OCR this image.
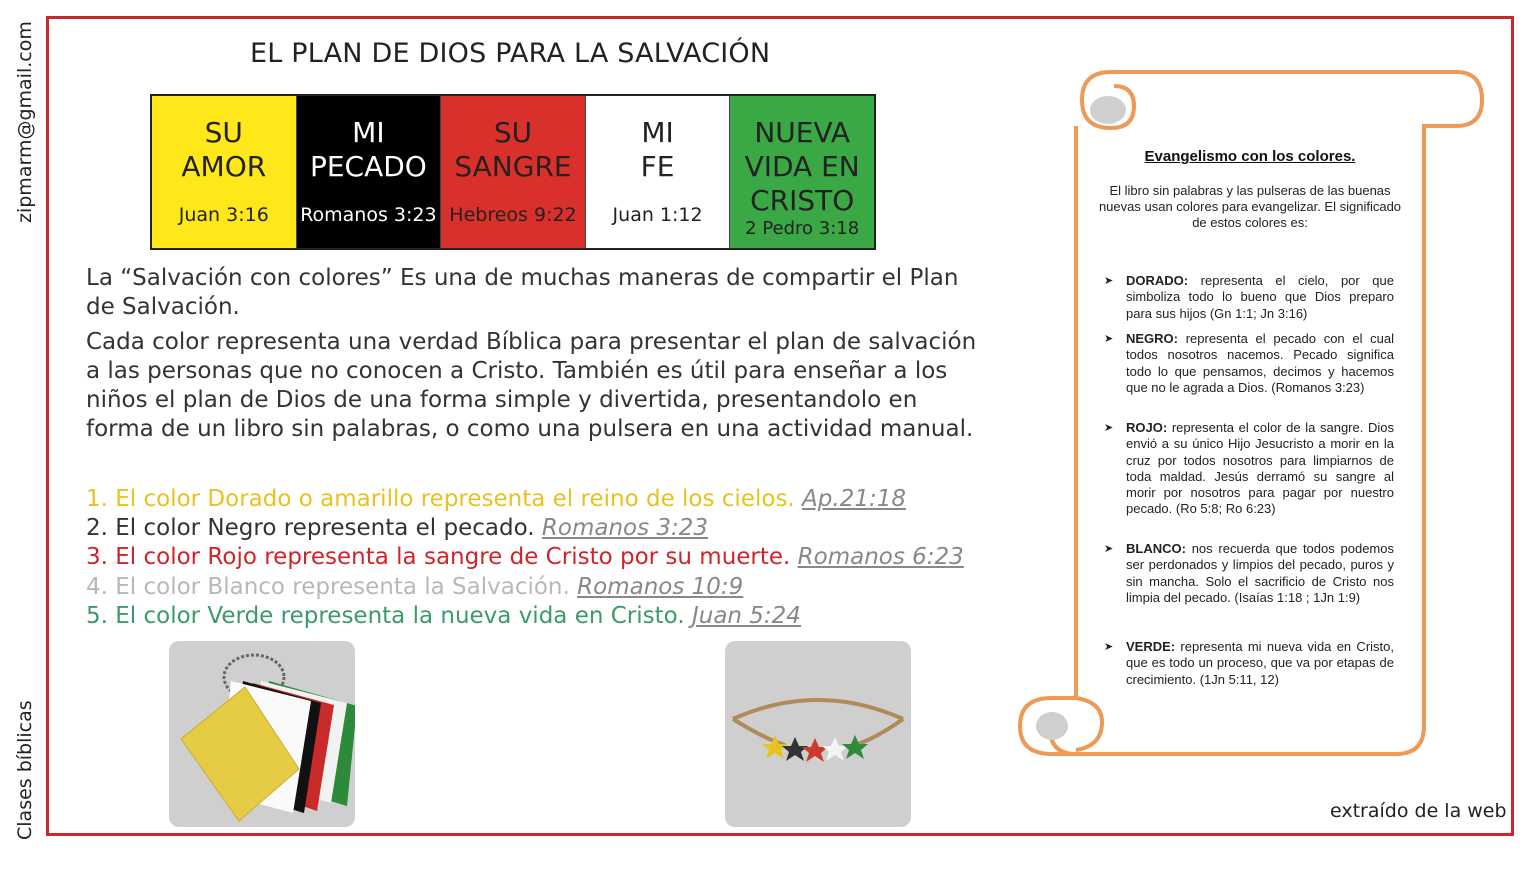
zipmarm@gmail.com
Clases bíblicas
EL PLAN DE DIOS PARA LA SALVACIÓN
SU
AMOR
Juan 3:16
MI
PECADO
Romanos 3:23
SU
SANGRE
Hebreos 9:22
MI
FE
Juan 1:12
NUEVA
VIDA EN
CRISTO
2 Pedro 3:18
La “Salvación con colores” Es una de muchas maneras de compartir el Plan de Salvación.
Cada color representa una verdad Bíblica para presentar el plan de salvación a las personas que no conocen a Cristo. También es útil para enseñar a los niños el plan de Dios de una forma simple y divertida, presentandolo en forma de un libro sin palabras, o como una pulsera en una actividad manual.
1. El color Dorado o amarillo representa el reino de los cielos. Ap.21:18
2. El color Negro representa el pecado. Romanos 3:23
3. El color Rojo representa la sangre de Cristo por su muerte. Romanos 6:23
4. El color Blanco representa la Salvación. Romanos 10:9
5. El color Verde representa la nueva vida en Cristo. Juan 5:24
Evangelismo con los colores.
El libro sin palabras y las pulseras de las buenas nuevas usan colores para evangelizar. El significado de estos colores es:
➤ DORADO: representa el cielo, por que simboliza todo lo bueno que Dios preparo para sus hijos (Gn 1:1; Jn 3:16)
➤ NEGRO: representa el pecado con el cual todos nosotros nacemos. Pecado significa todo lo que pensamos, decimos y hacemos que no le agrada a Dios. (Romanos 3:23)
➤ ROJO: representa el color de la sangre. Dios envió a su único Hijo Jesucristo a morir en la cruz por todos nosotros para limpiarnos de toda maldad. Jesús derramó su sangre al morir por nosotros para pagar por nuestro pecado. (Ro 5:8; Ro 6:23)
➤ BLANCO: nos recuerda que todos podemos ser perdonados y limpios del pecado, puros y sin mancha. Solo el sacrificio de Cristo nos limpia del pecado. (Isaías 1:18 ; 1Jn 1:9)
➤ VERDE: representa mi nueva vida en Cristo, que es todo un proceso, que va por etapas de crecimiento. (1Jn 5:11, 12)
extraído de la web
